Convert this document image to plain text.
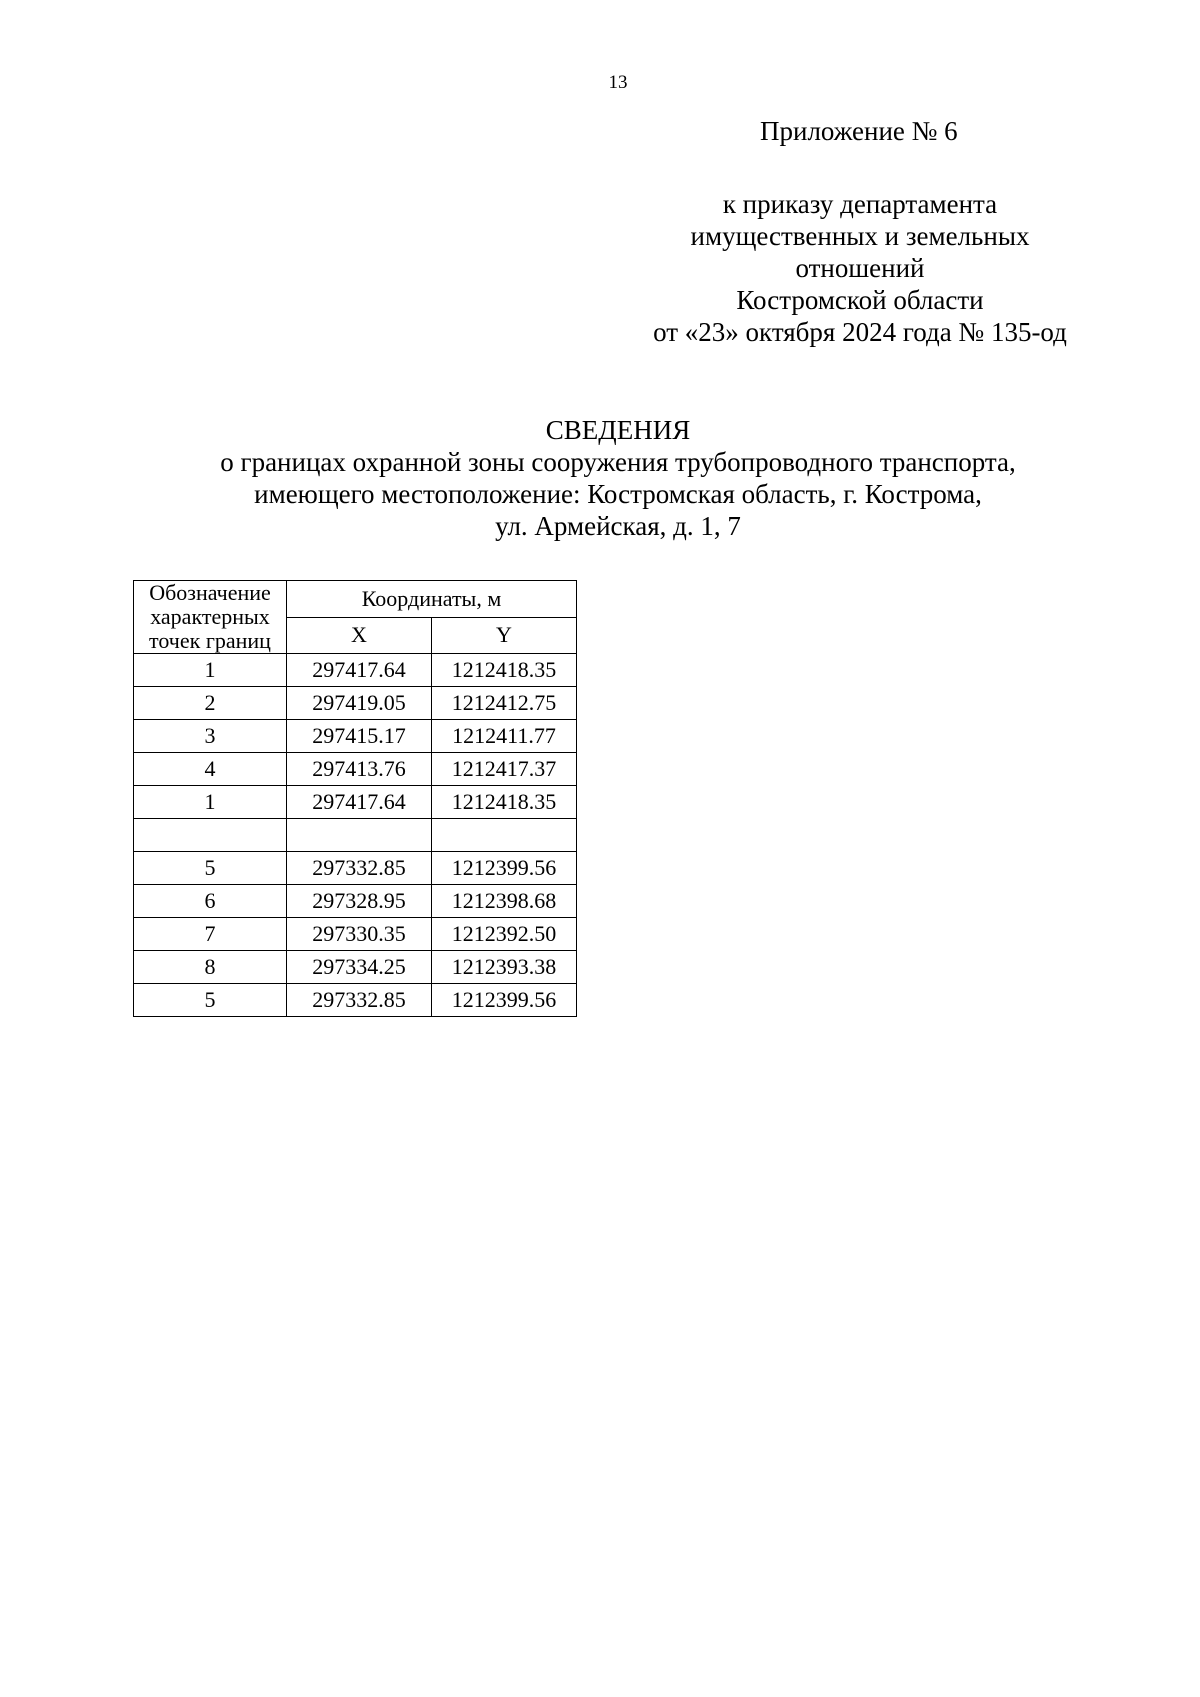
13
Приложение № 6
к приказу департамента
имущественных и земельных
отношений
Костромской области
от «23» октября 2024 года № 135-од
СВЕДЕНИЯ
о границах охранной зоны сооружения трубопроводного транспорта,
имеющего местоположение: Костромская область, г. Кострома,
ул. Армейская, д. 1, 7
Обозначение
характерных
точек границ	Координаты, м	
	X	Y
1	297417.64	1212418.35
2	297419.05	1212412.75
3	297415.17	1212411.77
4	297413.76	1212417.37
1	297417.64	1212418.35

5	297332.85	1212399.56
6	297328.95	1212398.68
7	297330.35	1212392.50
8	297334.25	1212393.38
5	297332.85	1212399.56
